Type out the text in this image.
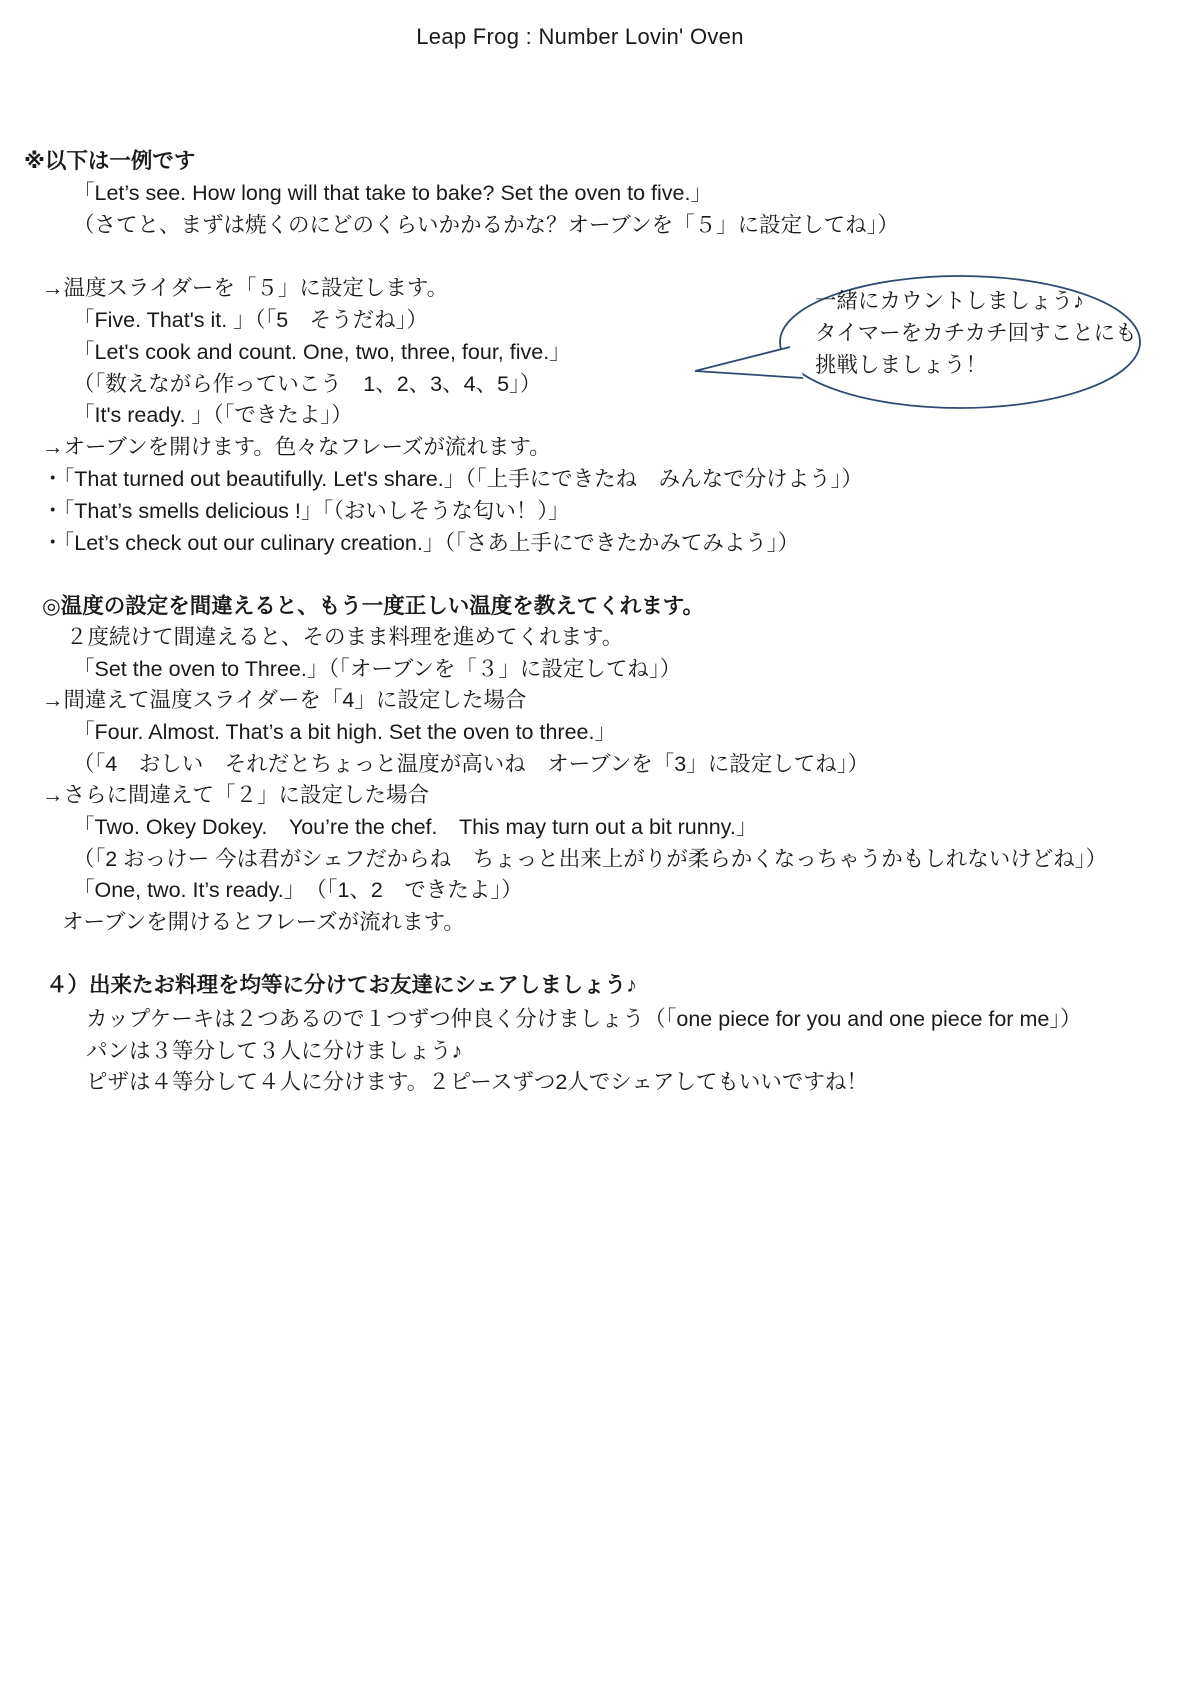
Leap Frog : Number Lovin' Oven
※以下は一例です
「Let’s see. How long will that take to bake? Set the oven to five.」
（さてと、まずは焼くのにどのくらいかかるかな？オーブンを「５」に設定してね」）
→温度スライダーを「５」に設定します。
「Five. That's it. 」（「5　そうだね」）
「Let's cook and count. One, two, three, four, five.」
（「数えながら作っていこう　1、2、3、4、5」）
「It's ready. 」（「できたよ」）
→オーブンを開けます。色々なフレーズが流れます。
・「That turned out beautifully. Let's share.」（「上手にできたね　みんなで分けよう」）
・「That’s smells delicious !」「（おいしそうな匂い！）」
・「Let’s check out our culinary creation.」（「さあ上手にできたかみてみよう」）
一緒にカウントしましょう♪
タイマーをカチカチ回すことにも
挑戦しましょう！
◎温度の設定を間違えると、もう一度正しい温度を教えてくれます。
２度続けて間違えると、そのまま料理を進めてくれます。
「Set the oven to Three.」（「オーブンを「３」に設定してね」）
→間違えて温度スライダーを「4」に設定した場合
「Four. Almost. That’s a bit high. Set the oven to three.」
（「4　おしい　それだとちょっと温度が高いね　オーブンを「3」に設定してね」）
→さらに間違えて「２」に設定した場合
「Two. Okey Dokey.　You’re the chef.　This may turn out a bit runny.」
（「2 おっけー 今は君がシェフだからね　ちょっと出来上がりが柔らかくなっちゃうかもしれないけどね」）
「One, two. It’s ready.」　（「1、2　できたよ」）
オーブンを開けるとフレーズが流れます。
４）出来たお料理を均等に分けてお友達にシェアしましょう♪
カップケーキは２つあるので１つずつ仲良く分けましょう（「one piece for you and one piece for me」）
パンは３等分して３人に分けましょう♪
ピザは４等分して４人に分けます。２ピースずつ2人でシェアしてもいいですね！
